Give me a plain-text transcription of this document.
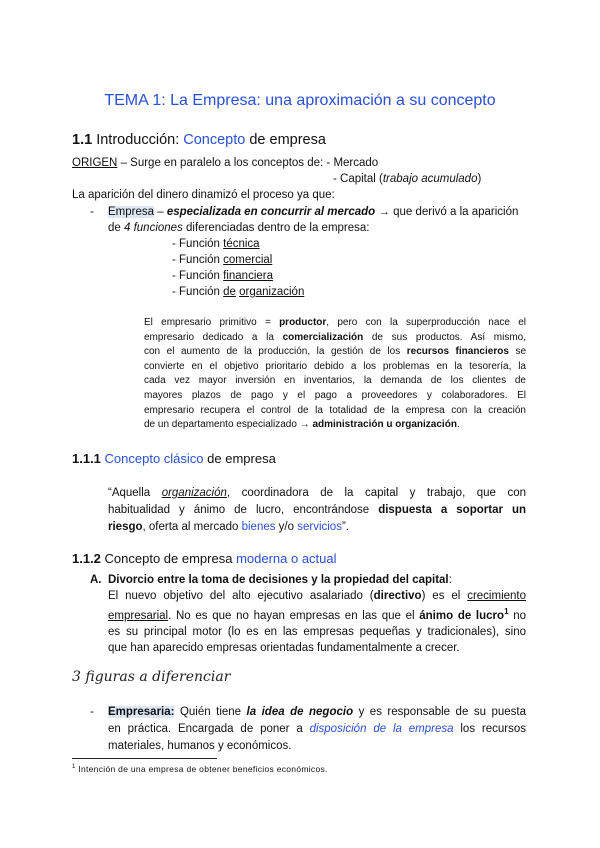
TEMA 1: La Empresa: una aproximación a su concepto
1.1 Introducción: Concepto de empresa
ORIGEN – Surge en paralelo a los conceptos de: - Mercado
- Capital (trabajo acumulado)
La aparición del dinero dinamizó el proceso ya que:
- Empresa – especializada en concurrir al mercado → que derivó a la aparición
de 4 funciones diferenciadas dentro de la empresa:
- Función técnica
- Función comercial
- Función financiera
- Función de organización
El empresario primitivo = productor, pero con la superproducción nace el
empresario dedicado a la comercialización de sus productos. Así mismo,
con el aumento de la producción, la gestión de los recursos financieros se
convierte en el objetivo prioritario debido a los problemas en la tesorería, la
cada vez mayor inversión en inventarios, la demanda de los clientes de
mayores plazos de pago y el pago a proveedores y colaboradores. El
empresario recupera el control de la totalidad de la empresa con la creación
de un departamento especializado → administración u organización.
1.1.1 Concepto clásico de empresa
“Aquella organización, coordinadora de la capital y trabajo, que con
habitualidad y ánimo de lucro, encontrándose dispuesta a soportar un
riesgo, oferta al mercado bienes y/o servicios”.
1.1.2 Concepto de empresa moderna o actual
A. Divorcio entre la toma de decisiones y la propiedad del capital:
El nuevo objetivo del alto ejecutivo asalariado (directivo) es el crecimiento
empresarial. No es que no hayan empresas en las que el ánimo de lucro$^1$ no
es su principal motor (lo es en las empresas pequeñas y tradicionales), sino
que han aparecido empresas orientadas fundamentalmente a crecer.
3 figuras a diferenciar
- Empresaria: Quién tiene la idea de negocio y es responsable de su puesta
en práctica. Encargada de poner a disposición de la empresa los recursos
materiales, humanos y económicos.
$^1$ Intención de una empresa de obtener beneficios económicos.
